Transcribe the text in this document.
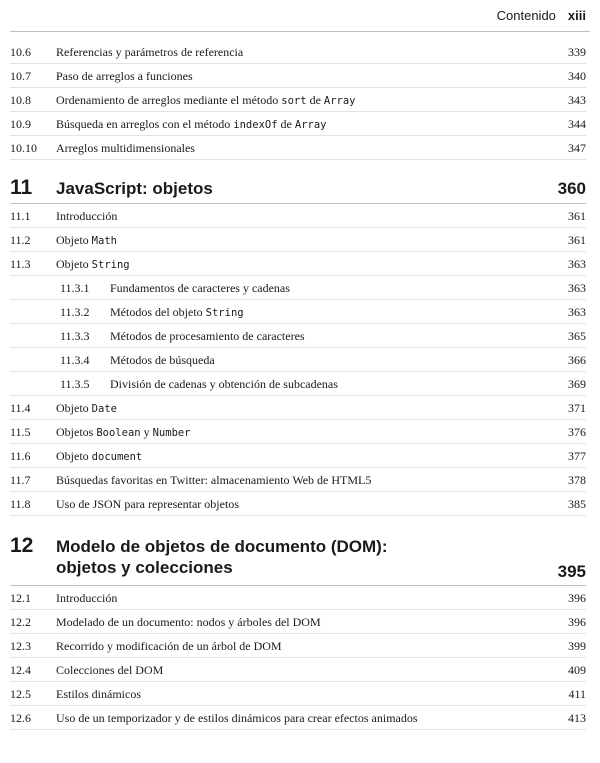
Contenido xiii
10.6	Referencias y parámetros de referencia	339
10.7	Paso de arreglos a funciones	340
10.8	Ordenamiento de arreglos mediante el método sort de Array	343
10.9	Búsqueda en arreglos con el método indexOf de Array	344
10.10	Arreglos multidimensionales	347
11	JavaScript: objetos	360
11.1	Introducción	361
11.2	Objeto Math	361
11.3	Objeto String	363
11.3.1	Fundamentos de caracteres y cadenas	363
11.3.2	Métodos del objeto String	363
11.3.3	Métodos de procesamiento de caracteres	365
11.3.4	Métodos de búsqueda	366
11.3.5	División de cadenas y obtención de subcadenas	369
11.4	Objeto Date	371
11.5	Objetos Boolean y Number	376
11.6	Objeto document	377
11.7	Búsquedas favoritas en Twitter: almacenamiento Web de HTML5	378
11.8	Uso de JSON para representar objetos	385
12	Modelo de objetos de documento (DOM):
objetos y colecciones	395
12.1	Introducción	396
12.2	Modelado de un documento: nodos y árboles del DOM	396
12.3	Recorrido y modificación de un árbol de DOM	399
12.4	Colecciones del DOM	409
12.5	Estilos dinámicos	411
12.6	Uso de un temporizador y de estilos dinámicos para crear efectos animados	413
